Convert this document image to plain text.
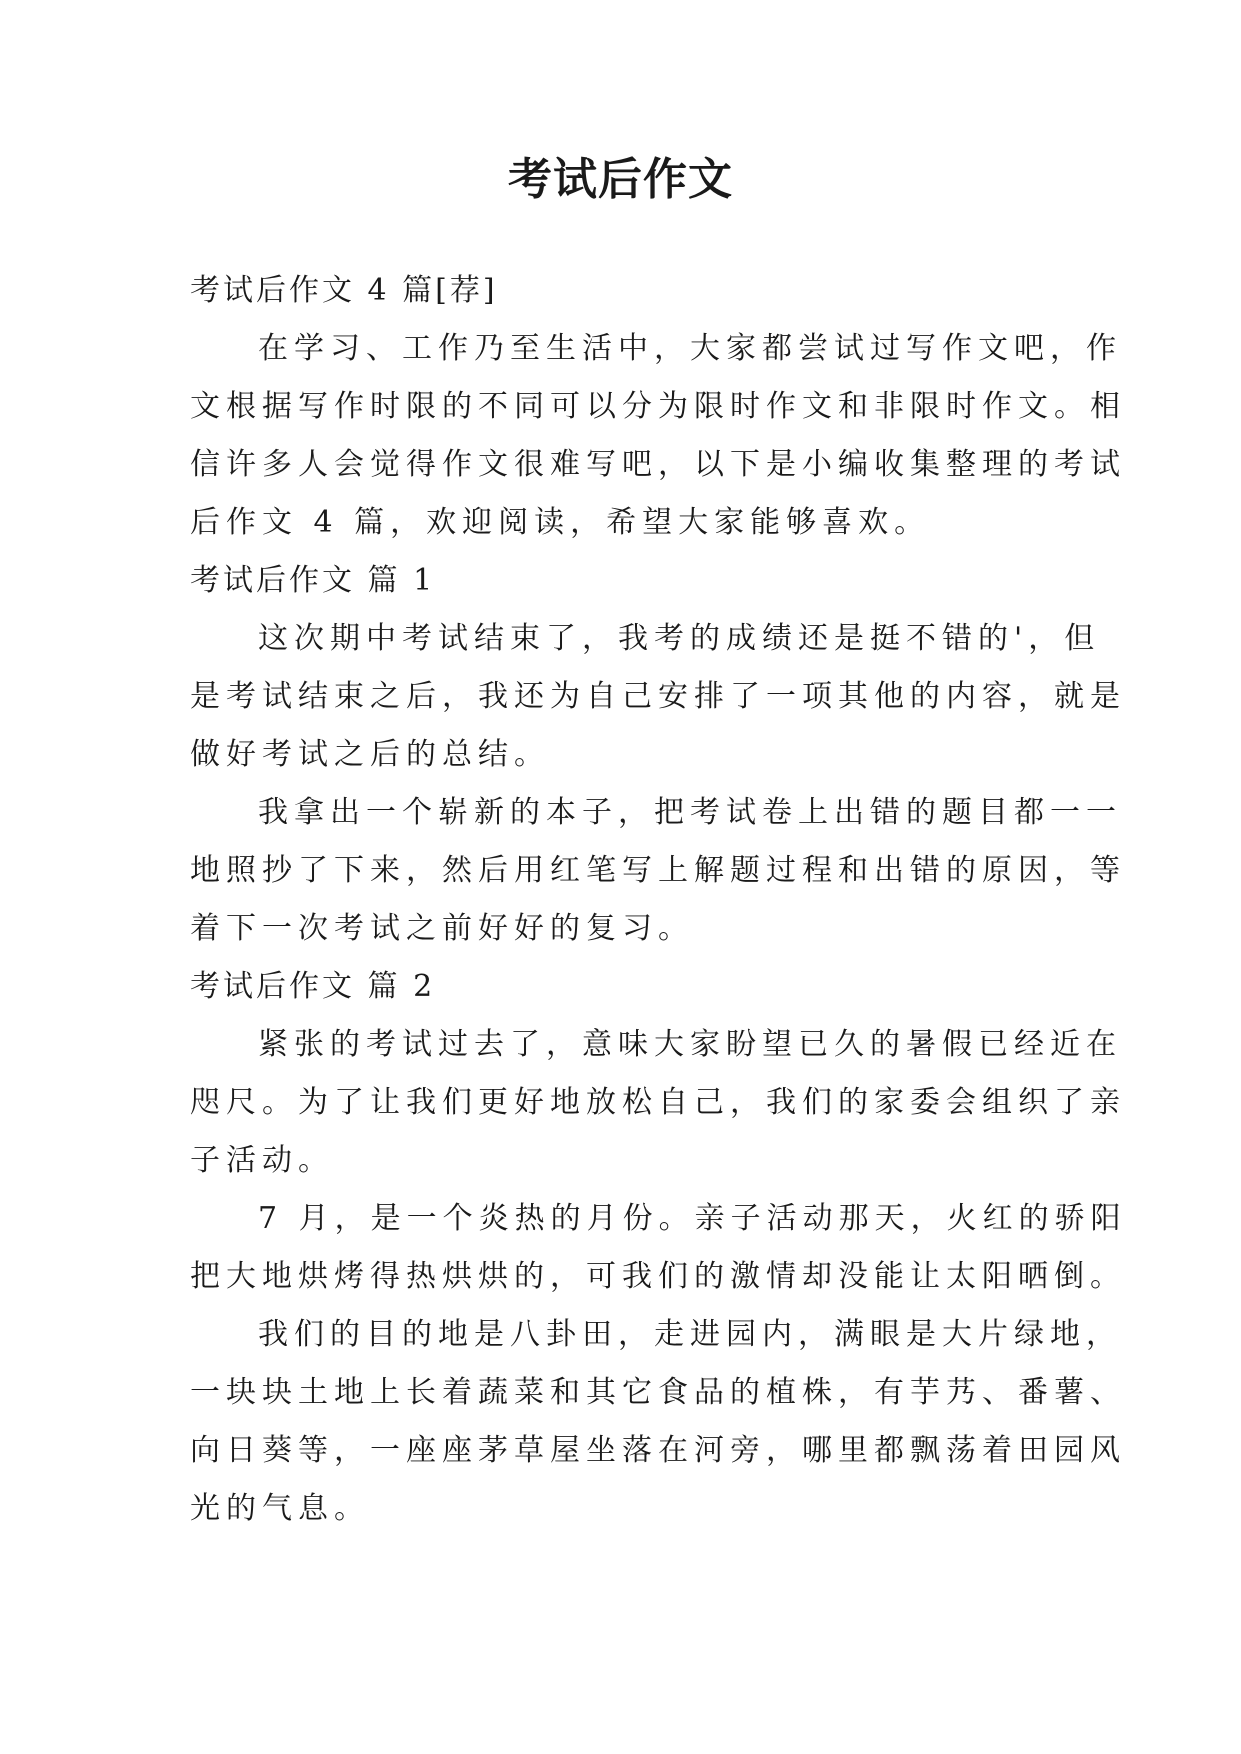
考试后作文
考试后作文 4 篇[荐]
在学习、工作乃至生活中，大家都尝试过写作文吧，作
文根据写作时限的不同可以分为限时作文和非限时作文。相
信许多人会觉得作文很难写吧，以下是小编收集整理的考试
后作文 4 篇，欢迎阅读，希望大家能够喜欢。
考试后作文 篇 1
这次期中考试结束了，我考的成绩还是挺不错的'，但
是考试结束之后，我还为自己安排了一项其他的内容，就是
做好考试之后的总结。
我拿出一个崭新的本子，把考试卷上出错的题目都一一
地照抄了下来，然后用红笔写上解题过程和出错的原因，等
着下一次考试之前好好的复习。
考试后作文 篇 2
紧张的考试过去了，意味大家盼望已久的暑假已经近在
咫尺。为了让我们更好地放松自己，我们的家委会组织了亲
子活动。
7 月，是一个炎热的月份。亲子活动那天，火红的骄阳
把大地烘烤得热烘烘的，可我们的激情却没能让太阳晒倒。
我们的目的地是八卦田，走进园内，满眼是大片绿地，
一块块土地上长着蔬菜和其它食品的植株，有芋艿、番薯、
向日葵等，一座座茅草屋坐落在河旁，哪里都飘荡着田园风
光的气息。
